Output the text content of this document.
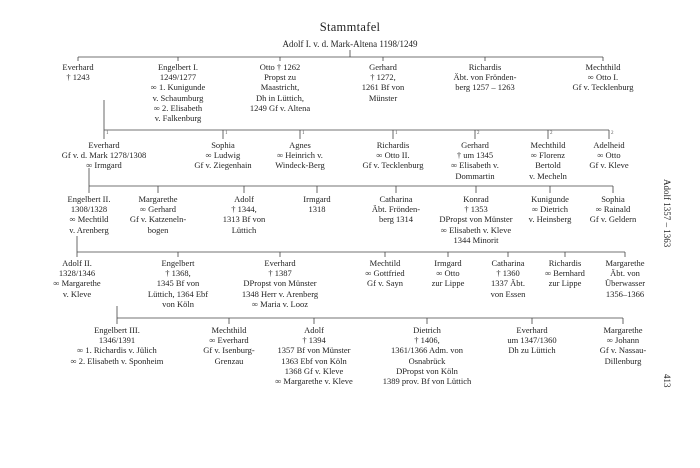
Stammtafel
Adolf I. v. d. Mark-Altena 1198/1249
Everhard
† 1243
Engelbert I.
1249/1277
∞ 1. Kunigunde
v. Schaumburg
∞ 2. Elisabeth
v. Falkenburg
Otto † 1262
Propst zu
Maastricht,
Dh in Lüttich,
1249 Gf v. Altena
Gerhard
† 1272,
1261 Bf von
Münster
Richardis
Äbt. von Frönden-
berg 1257 – 1263
Mechthild
∞ Otto I.
Gf v. Tecklenburg
Everhard
Gf v. d. Mark 1278/1308
∞ Irmgard
1
Sophia
∞ Ludwig
Gf v. Ziegenhain
1
Agnes
∞ Heinrich v.
Windeck-Berg
1
Richardis
∞ Otto II.
Gf v. Tecklenburg
1
Gerhard
† um 1345
∞ Elisabeth v.
Dommartin
2
Mechthild
∞ Florenz
Bertold
v. Mecheln
2
Adelheid
∞ Otto
Gf v. Kleve
2
Engelbert II.
1308/1328
∞ Mechtild
v. Arenberg
Margarethe
∞ Gerhard
Gf v. Katzeneln-
bogen
Adolf
† 1344,
1313 Bf von
Lüttich
Irmgard
1318
Catharina
Äbt. Frönden-
berg 1314
Konrad
† 1353
DPropst von Münster
∞ Elisabeth v. Kleve
1344 Minorit
Kunigunde
∞ Dietrich
v. Heinsberg
Sophia
∞ Rainald
Gf v. Geldern
Adolf II.
1328/1346
∞ Margarethe
v. Kleve
Engelbert
† 1368,
1345 Bf von
Lüttich, 1364 Ebf
von Köln
Everhard
† 1387
DPropst von Münster
1348 Herr v. Arenberg
∞ Maria v. Looz
Mechtild
∞ Gottfried
Gf v. Sayn
Irmgard
∞ Otto
zur Lippe
Catharina
† 1360
1337 Äbt.
von Essen
Richardis
∞ Bernhard
zur Lippe
Margarethe
Äbt. von
Überwasser
1356–1366
Engelbert III.
1346/1391
∞ 1. Richardis v. Jülich
∞ 2. Elisabeth v. Sponheim
Mechthild
∞ Everhard
Gf v. Isenburg-
Grenzau
Adolf
† 1394
1357 Bf von Münster
1363 Ebf von Köln
1368 Gf v. Kleve
∞ Margarethe v. Kleve
Dietrich
† 1406,
1361/1366 Adm. von
Osnabrück
DPropst von Köln
1389 prov. Bf von Lüttich
Everhard
um 1347/1360
Dh zu Lüttich
Margarethe
∞ Johann
Gf v. Nassau-
Dillenburg
Adolf 1357 – 1363
413
